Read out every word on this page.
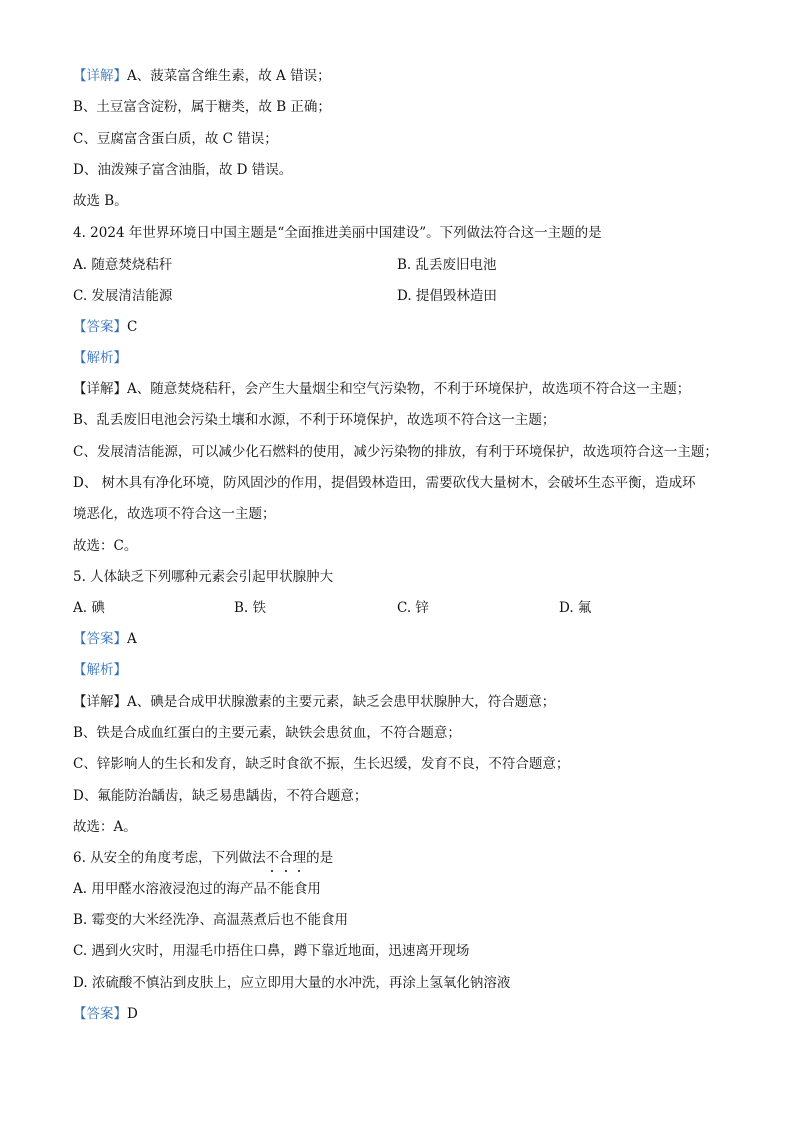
【详解】A、菠菜富含维生素，故 A 错误；
B、土豆富含淀粉，属于糖类，故 B 正确；
C、豆腐富含蛋白质，故 C 错误；
D、油泼辣子富含油脂，故 D 错误。
故选 B。
4. 2024 年世界环境日中国主题是“全面推进美丽中国建设”。下列做法符合这一主题的是
A. 随意焚烧秸秆	B. 乱丢废旧电池
C. 发展清洁能源	D. 提倡毁林造田
【答案】C
【解析】
【详解】A、随意焚烧秸秆，会产生大量烟尘和空气污染物，不利于环境保护，故选项不符合这一主题；
B、乱丢废旧电池会污染土壤和水源，不利于环境保护，故选项不符合这一主题；
C、发展清洁能源，可以减少化石燃料的使用，减少污染物的排放，有利于环境保护，故选项符合这一主题；
D、 树木具有净化环境，防风固沙的作用，提倡毁林造田，需要砍伐大量树木，会破坏生态平衡，造成环
境恶化，故选项不符合这一主题；
故选：C。
5. 人体缺乏下列哪种元素会引起甲状腺肿大
A. 碘	B. 铁	C. 锌	D. 氟
【答案】A
【解析】
【详解】A、碘是合成甲状腺激素的主要元素，缺乏会患甲状腺肿大，符合题意；
B、铁是合成血红蛋白的主要元素，缺铁会患贫血，不符合题意；
C、锌影响人的生长和发育，缺乏时食欲不振，生长迟缓，发育不良，不符合题意；
D、氟能防治龋齿，缺乏易患龋齿，不符合题意；
故选：A。
6. 从安全的角度考虑，下列做法不合理的是
A. 用甲醛水溶液浸泡过的海产品不能食用
B. 霉变的大米经洗净、高温蒸煮后也不能食用
C. 遇到火灾时，用湿毛巾捂住口鼻，蹲下靠近地面，迅速离开现场
D. 浓硫酸不慎沾到皮肤上，应立即用大量的水冲洗，再涂上氢氧化钠溶液
【答案】D
